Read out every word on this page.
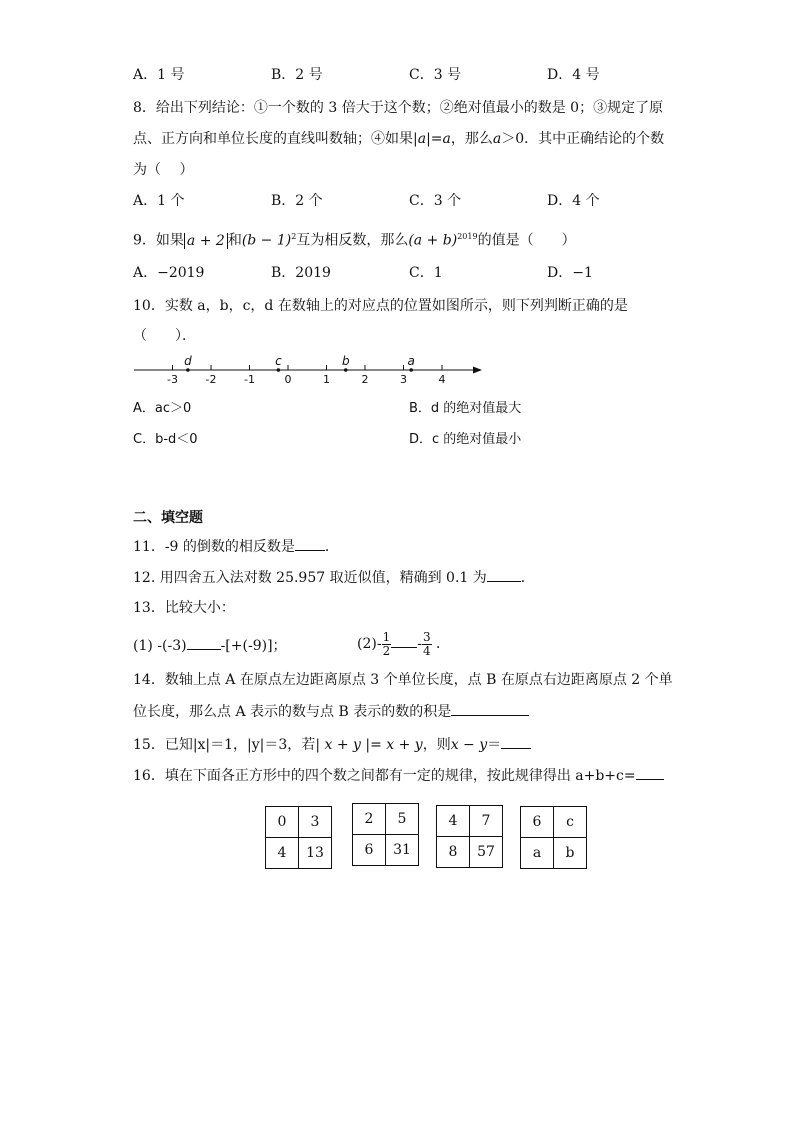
A．1 号	B．2 号	C．3 号	D．4 号
8．给出下列结论：①一个数的 3 倍大于这个数；②绝对值最小的数是 0；③规定了原
点、正方向和单位长度的直线叫数轴；④如果|a|=a，那么a＞0．其中正确结论的个数
为（　 ）
A．1 个	B．2 个	C．3 个	D．4 个
9．如果 a + 2 和$(b - 1)^2$互为相反数，那么$(a + b)^{2019}$的值是（　　）
A．−2019	B．2019	C．1	D．−1
10．实数 a，b，c，d 在数轴上的对应点的位置如图所示，则下列判断正确的是
（　　）．
-3	-2	-1	0	1	2	3	4
d	c	b	a
A．ac＞0	B．d 的绝对值最大
C．b-d＜0	D．c 的绝对值最小
二、填空题
11．-9 的倒数的相反数是 ．
12. 用四舍五入法对数 25.957 取近似值，精确到 0.1 为 ．
13．比较大小：
(1) -(-3) -[+(-9)]；	$(2)- \frac{1}{2} - \frac{3}{4}$ ．
14．数轴上点 A 在原点左边距离原点 3 个单位长度，点 B 在原点右边距离原点 2 个单
位长度，那么点 A 表示的数与点 B 表示的数的积是
15．已知|x|＝1，|y|＝3，若| x + y |= x + y，则x − y＝
16．填在下面各正方形中的四个数之间都有一定的规律，按此规律得出 a+b+c=
0	3
4	13
2	5
6	31
4	7
8	57
6	c
a	b
